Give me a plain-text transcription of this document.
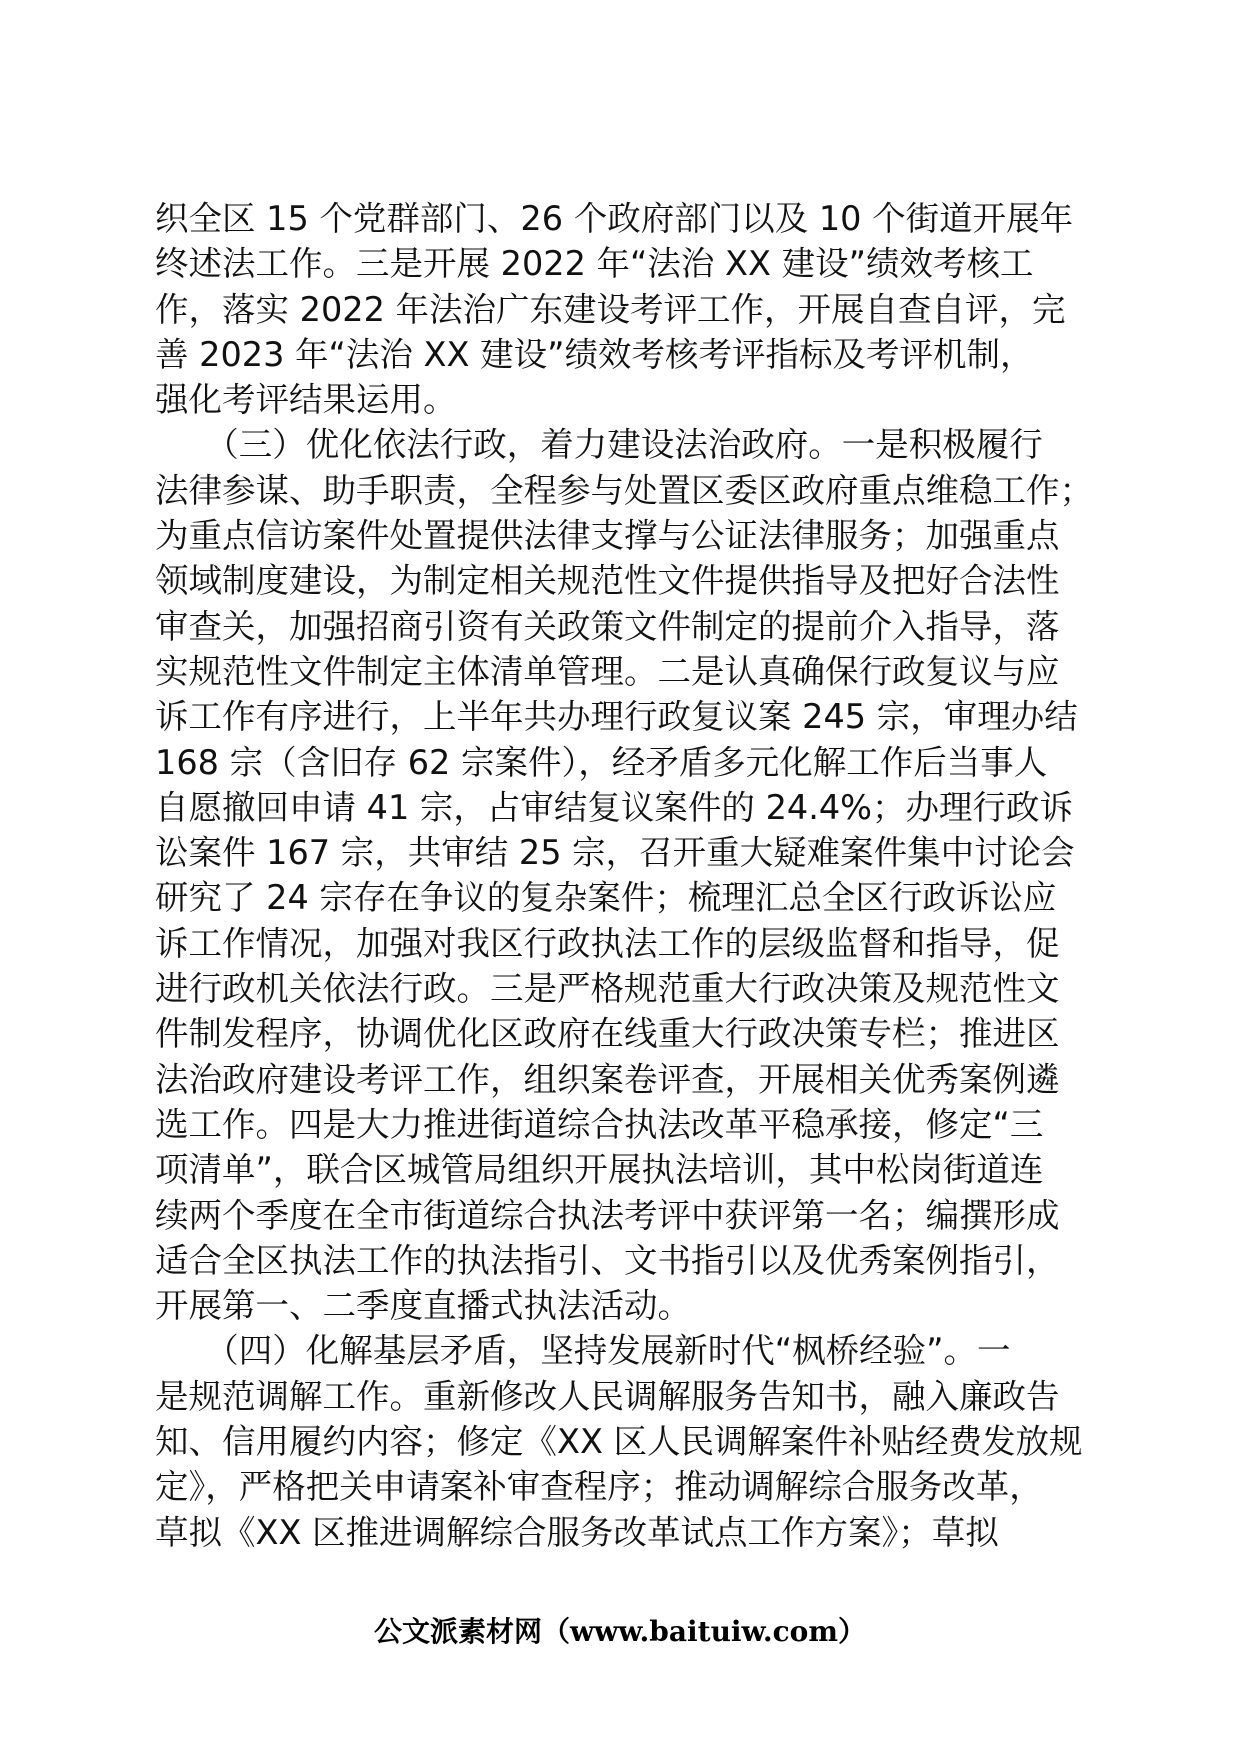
织全区 15 个党群部门、26 个政府部门以及 10 个街道开展年
终述法工作。三是开展 2022 年“法治 XX 建设”绩效考核工
作，落实 2022 年法治广东建设考评工作，开展自查自评，完
善 2023 年“法治 XX 建设”绩效考核考评指标及考评机制，
强化考评结果运用。
　　（三）优化依法行政，着力建设法治政府。一是积极履行
法律参谋、助手职责，全程参与处置区委区政府重点维稳工作；
为重点信访案件处置提供法律支撑与公证法律服务；加强重点
领域制度建设，为制定相关规范性文件提供指导及把好合法性
审查关，加强招商引资有关政策文件制定的提前介入指导，落
实规范性文件制定主体清单管理。二是认真确保行政复议与应
诉工作有序进行，上半年共办理行政复议案 245 宗，审理办结
168 宗（含旧存 62 宗案件），经矛盾多元化解工作后当事人
自愿撤回申请 41 宗，占审结复议案件的 24.4%；办理行政诉
讼案件 167 宗，共审结 25 宗，召开重大疑难案件集中讨论会
研究了 24 宗存在争议的复杂案件；梳理汇总全区行政诉讼应
诉工作情况，加强对我区行政执法工作的层级监督和指导，促
进行政机关依法行政。三是严格规范重大行政决策及规范性文
件制发程序，协调优化区政府在线重大行政决策专栏；推进区
法治政府建设考评工作，组织案卷评查，开展相关优秀案例遴
选工作。四是大力推进街道综合执法改革平稳承接，修定“三
项清单”，联合区城管局组织开展执法培训，其中松岗街道连
续两个季度在全市街道综合执法考评中获评第一名；编撰形成
适合全区执法工作的执法指引、文书指引以及优秀案例指引，
开展第一、二季度直播式执法活动。
　　（四）化解基层矛盾，坚持发展新时代“枫桥经验”。一
是规范调解工作。重新修改人民调解服务告知书，融入廉政告
知、信用履约内容；修定《XX 区人民调解案件补贴经费发放规
定》，严格把关申请案补审查程序；推动调解综合服务改革，
草拟《XX 区推进调解综合服务改革试点工作方案》；草拟
公文派素材网（www.baituiw.com）
